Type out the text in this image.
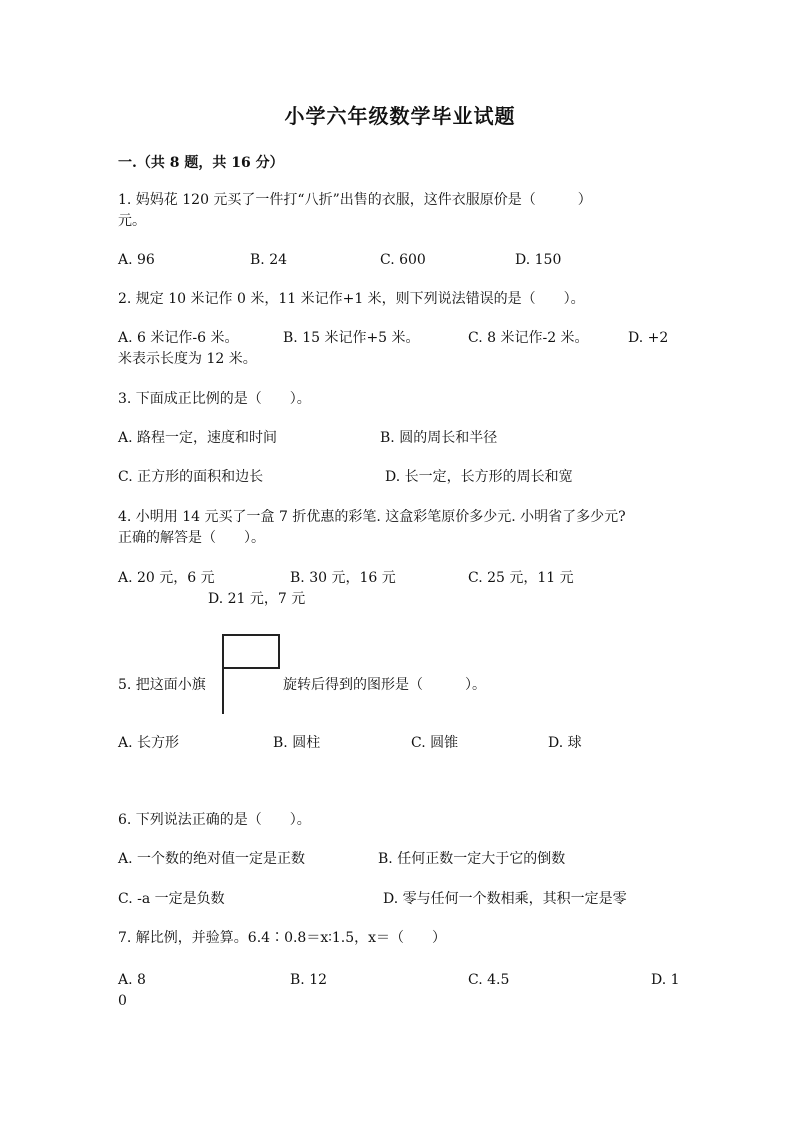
小学六年级数学毕业试题
一.（共 8 题，共 16 分）
1. 妈妈花 120 元买了一件打“八折”出售的衣服，这件衣服原价是（　　　）
元。
A. 96	B. 24	C. 600	D. 150
2. 规定 10 米记作 0 米，11 米记作+1 米，则下列说法错误的是（　　）。
A. 6 米记作-6 米。	B. 15 米记作+5 米。	C. 8 米记作-2 米。	D. +2
米表示长度为 12 米。
3. 下面成正比例的是（　　）。
A. 路程一定，速度和时间	B. 圆的周长和半径
C. 正方形的面积和边长	D. 长一定，长方形的周长和宽
4. 小明用 14 元买了一盒 7 折优惠的彩笔. 这盒彩笔原价多少元. 小明省了多少元?
正确的解答是（　　）。
A. 20 元，6 元	B. 30 元，16 元	C. 25 元，11 元
D. 21 元，7 元
5. 把这面小旗	旋转后得到的图形是（　　　）。
A. 长方形	B. 圆柱	C. 圆锥	D. 球
6. 下列说法正确的是（　　）。
A. 一个数的绝对值一定是正数	B. 任何正数一定大于它的倒数
C. -a 一定是负数	D. 零与任何一个数相乘，其积一定是零
7. 解比例，并验算。6.4∶0.8＝x∶1.5，x＝（　　）
A. 8	B. 12	C. 4.5	D. 1
0
